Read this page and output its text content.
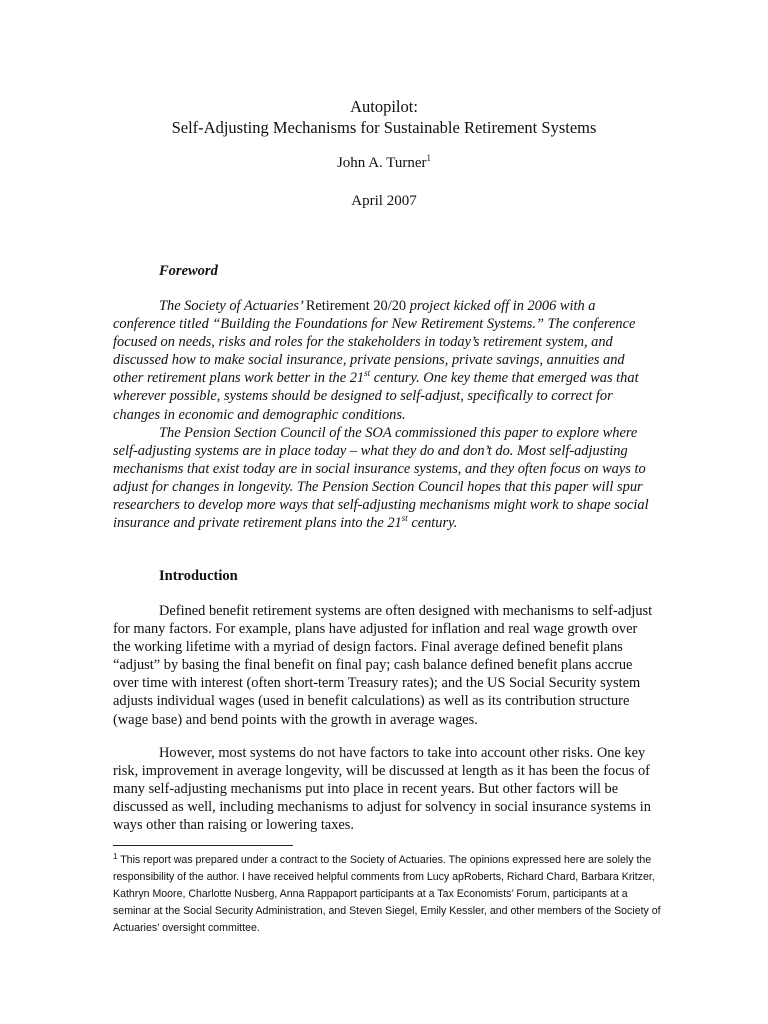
Autopilot:
Self-Adjusting Mechanisms for Sustainable Retirement Systems
John A. Turner$^1$
April 2007
Foreword

The Society of Actuaries’ Retirement 20/20 project kicked off in 2006 with a conference titled “Building the Foundations for New Retirement Systems.” The conference focused on needs, risks and roles for the stakeholders in today’s retirement system, and discussed how to make social insurance, private pensions, private savings, annuities and other retirement plans work better in the 21st century. One key theme that emerged was that wherever possible, systems should be designed to self-adjust, specifically to correct for changes in economic and demographic conditions.

The Pension Section Council of the SOA commissioned this paper to explore where self-adjusting systems are in place today – what they do and don’t do. Most self-adjusting mechanisms that exist today are in social insurance systems, and they often focus on ways to adjust for changes in longevity. The Pension Section Council hopes that this paper will spur researchers to develop more ways that self-adjusting mechanisms might work to shape social insurance and private retirement plans into the 21st century.

Introduction

Defined benefit retirement systems are often designed with mechanisms to self-adjust for many factors. For example, plans have adjusted for inflation and real wage growth over the working lifetime with a myriad of design factors. Final average defined benefit plans “adjust” by basing the final benefit on final pay; cash balance defined benefit plans accrue over time with interest (often short-term Treasury rates); and the US Social Security system adjusts individual wages (used in benefit calculations) as well as its contribution structure (wage base) and bend points with the growth in average wages.

However, most systems do not have factors to take into account other risks. One key risk, improvement in average longevity, will be discussed at length as it has been the focus of many self-adjusting mechanisms put into place in recent years. But other factors will be discussed as well, including mechanisms to adjust for solvency in social insurance systems in ways other than raising or lowering taxes.

$^1$ This report was prepared under a contract to the Society of Actuaries. The opinions expressed here are solely the responsibility of the author. I have received helpful comments from Lucy apRoberts, Richard Chard, Barbara Kritzer, Kathryn Moore, Charlotte Nusberg, Anna Rappaport participants at a Tax Economists’ Forum, participants at a seminar at the Social Security Administration, and Steven Siegel, Emily Kessler, and other members of the Society of Actuaries’ oversight committee.
